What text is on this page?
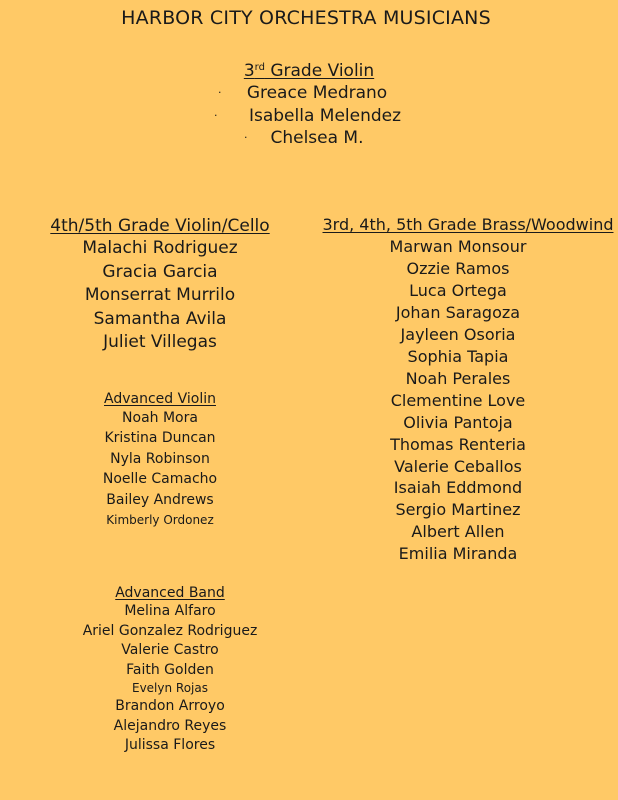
HARBOR CITY ORCHESTRA MUSICIANS
3rd Grade Violin
· Greace Medrano
· Isabella Melendez
· Chelsea M.
4th/5th Grade Violin/Cello
Malachi Rodriguez
Gracia Garcia
Monserrat Murrilo
Samantha Avila
Juliet Villegas
3rd, 4th, 5th Grade Brass/Woodwind
Marwan Monsour
Ozzie Ramos
Luca Ortega
Johan Saragoza
Jayleen Osoria
Sophia Tapia
Noah Perales
Clementine Love
Olivia Pantoja
Thomas Renteria
Valerie Ceballos
Isaiah Eddmond
Sergio Martinez
Albert Allen
Emilia Miranda
Advanced Violin
Noah Mora
Kristina Duncan
Nyla Robinson
Noelle Camacho
Bailey Andrews
Kimberly Ordonez
Advanced Band
Melina Alfaro
Ariel Gonzalez Rodriguez
Valerie Castro
Faith Golden
Evelyn Rojas
Brandon Arroyo
Alejandro Reyes
Julissa Flores
